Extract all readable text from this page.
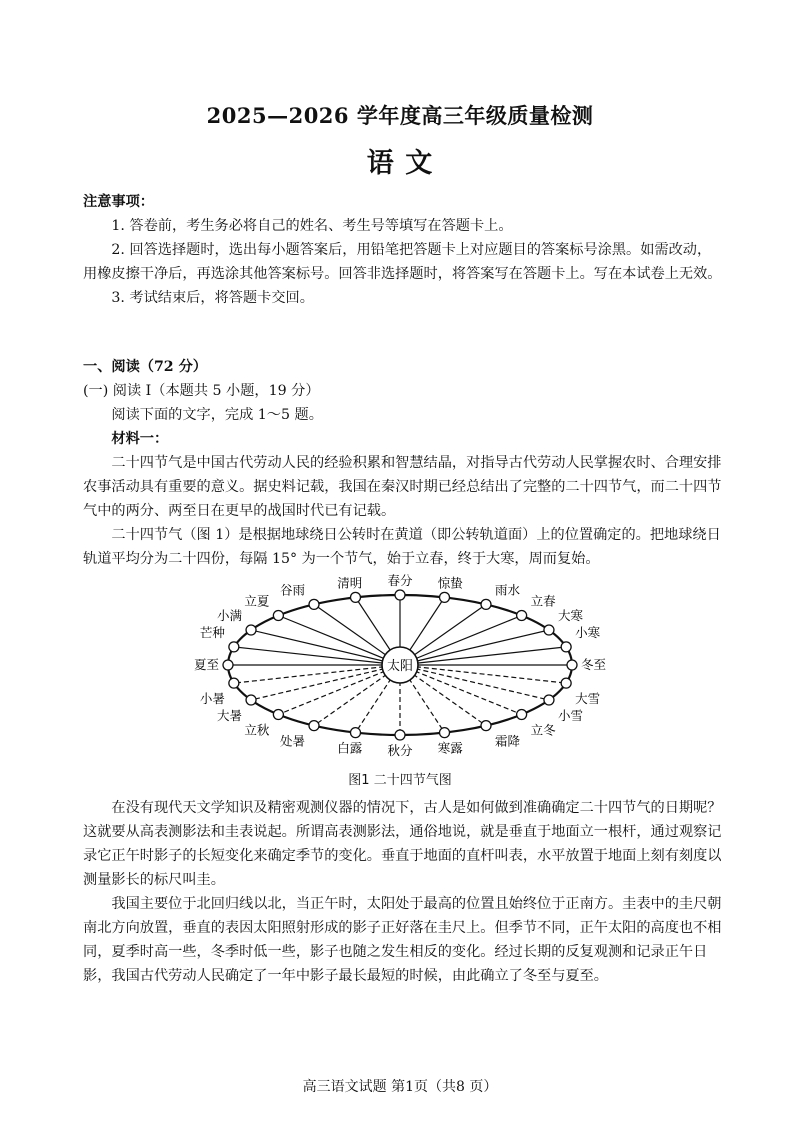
2025—2026 学年度高三年级质量检测
语 文

注意事项：

1. 答卷前，考生务必将自己的姓名、考生号等填写在答题卡上。

2. 回答选择题时，选出每小题答案后，用铅笔把答题卡上对应题目的答案标号涂黑。如需改动，用橡皮擦干净后，再选涂其他答案标号。回答非选择题时，将答案写在答题卡上。写在本试卷上无效。

3. 考试结束后，将答题卡交回。

一、阅读（72 分）

(一) 阅读 Ⅰ（本题共 5 小题，19 分）

阅读下面的文字，完成 1～5 题。

材料一：

二十四节气是中国古代劳动人民的经验积累和智慧结晶，对指导古代劳动人民掌握农时、合理安排农事活动具有重要的意义。据史料记载，我国在秦汉时期已经总结出了完整的二十四节气，而二十四节气中的两分、两至日在更早的战国时代已有记载。

二十四节气（图 1）是根据地球绕日公转时在黄道（即公转轨道面）上的位置确定的。把地球绕日轨道平均分为二十四份，每隔 15° 为一个节气，始于立春，终于大寒，周而复始。

太阳	冬至
小寒
大寒
立春
雨水
惊蛰
春分
清明
谷雨
立夏
小满
芒种
夏至
小暑
大暑
立秋
处暑	白露 秋分 寒露	霜降
立冬
小雪
大雪
图1 二十四节气图

在没有现代天文学知识及精密观测仪器的情况下，古人是如何做到准确确定二十四节气的日期呢？这就要从高表测影法和圭表说起。所谓高表测影法，通俗地说，就是垂直于地面立一根杆，通过观察记录它正午时影子的长短变化来确定季节的变化。垂直于地面的直杆叫表，水平放置于地面上刻有刻度以测量影长的标尺叫圭。

我国主要位于北回归线以北，当正午时，太阳处于最高的位置且始终位于正南方。圭表中的圭尺朝南北方向放置，垂直的表因太阳照射形成的影子正好落在圭尺上。但季节不同，正午太阳的高度也不相同，夏季时高一些，冬季时低一些，影子也随之发生相反的变化。经过长期的反复观测和记录正午日影，我国古代劳动人民确定了一年中影子最长最短的时候，由此确立了冬至与夏至。

高三语文试题 第1页（共8 页）
